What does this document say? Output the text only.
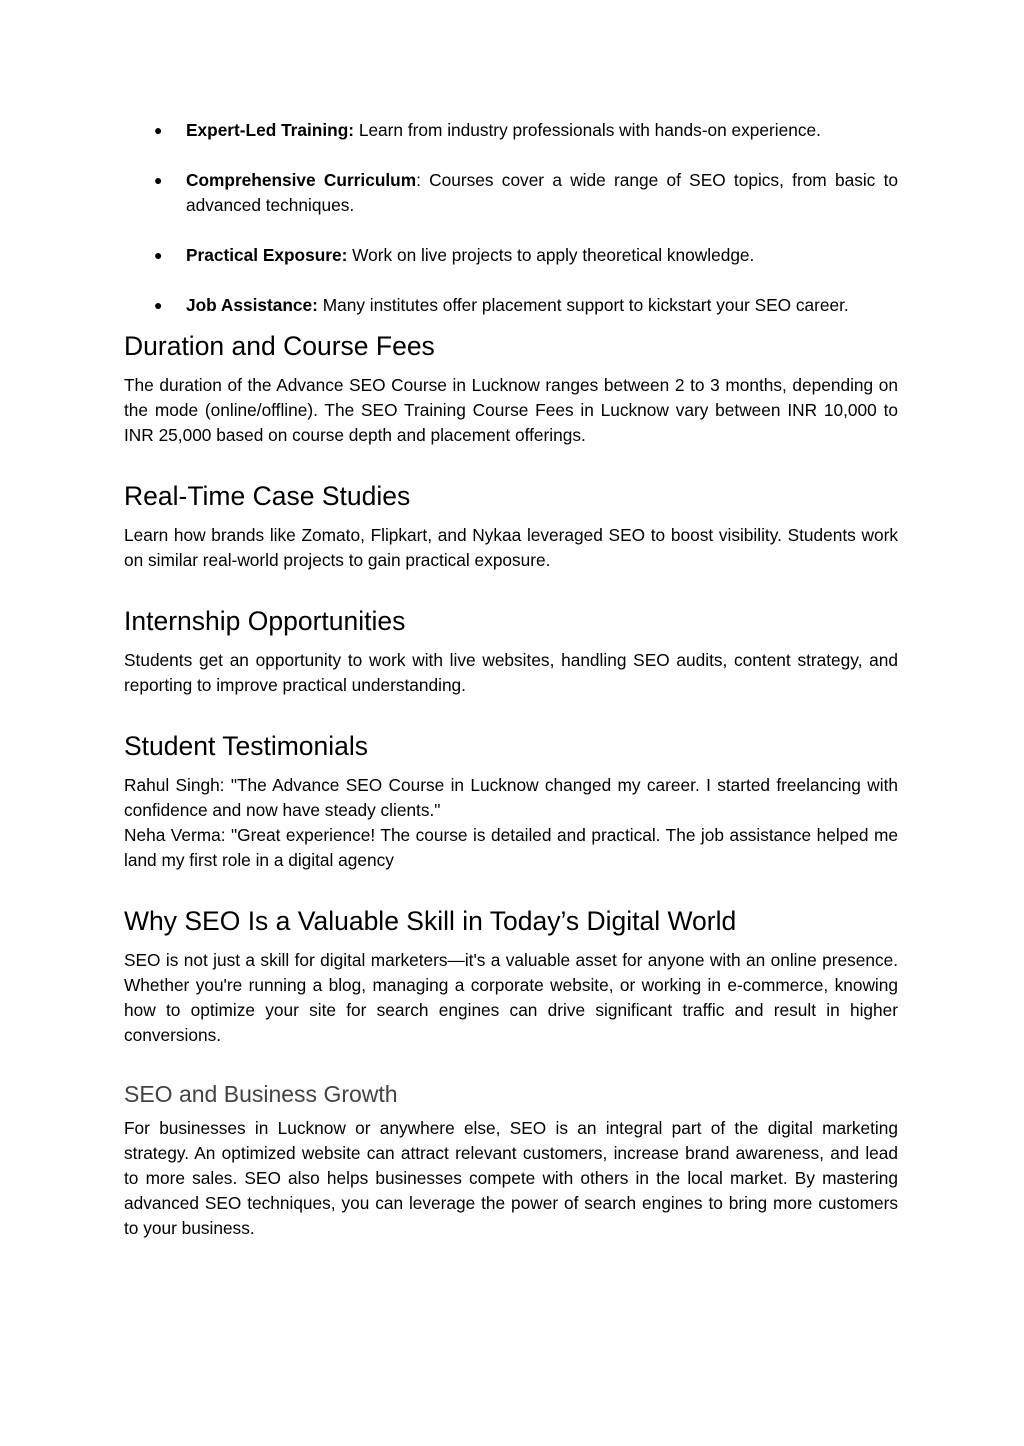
● Expert-Led Training: Learn from industry professionals with hands-on experience.
● Comprehensive Curriculum: Courses cover a wide range of SEO topics, from basic to advanced techniques.
● Practical Exposure: Work on live projects to apply theoretical knowledge.
● Job Assistance: Many institutes offer placement support to kickstart your SEO career.
Duration and Course Fees

The duration of the Advance SEO Course in Lucknow ranges between 2 to 3 months, depending on the mode (online/offline). The SEO Training Course Fees in Lucknow vary between INR 10,000 to INR 25,000 based on course depth and placement offerings.

Real-Time Case Studies

Learn how brands like Zomato, Flipkart, and Nykaa leveraged SEO to boost visibility. Students work on similar real-world projects to gain practical exposure.

Internship Opportunities

Students get an opportunity to work with live websites, handling SEO audits, content strategy, and reporting to improve practical understanding.

Student Testimonials

Rahul Singh: "The Advance SEO Course in Lucknow changed my career. I started freelancing with confidence and now have steady clients."

Neha Verma: "Great experience! The course is detailed and practical. The job assistance helped me land my first role in a digital agency

Why SEO Is a Valuable Skill in Today’s Digital World

SEO is not just a skill for digital marketers—it's a valuable asset for anyone with an online presence. Whether you're running a blog, managing a corporate website, or working in e-commerce, knowing how to optimize your site for search engines can drive significant traffic and result in higher conversions.

SEO and Business Growth

For businesses in Lucknow or anywhere else, SEO is an integral part of the digital marketing strategy. An optimized website can attract relevant customers, increase brand awareness, and lead to more sales. SEO also helps businesses compete with others in the local market. By mastering advanced SEO techniques, you can leverage the power of search engines to bring more customers to your business.
